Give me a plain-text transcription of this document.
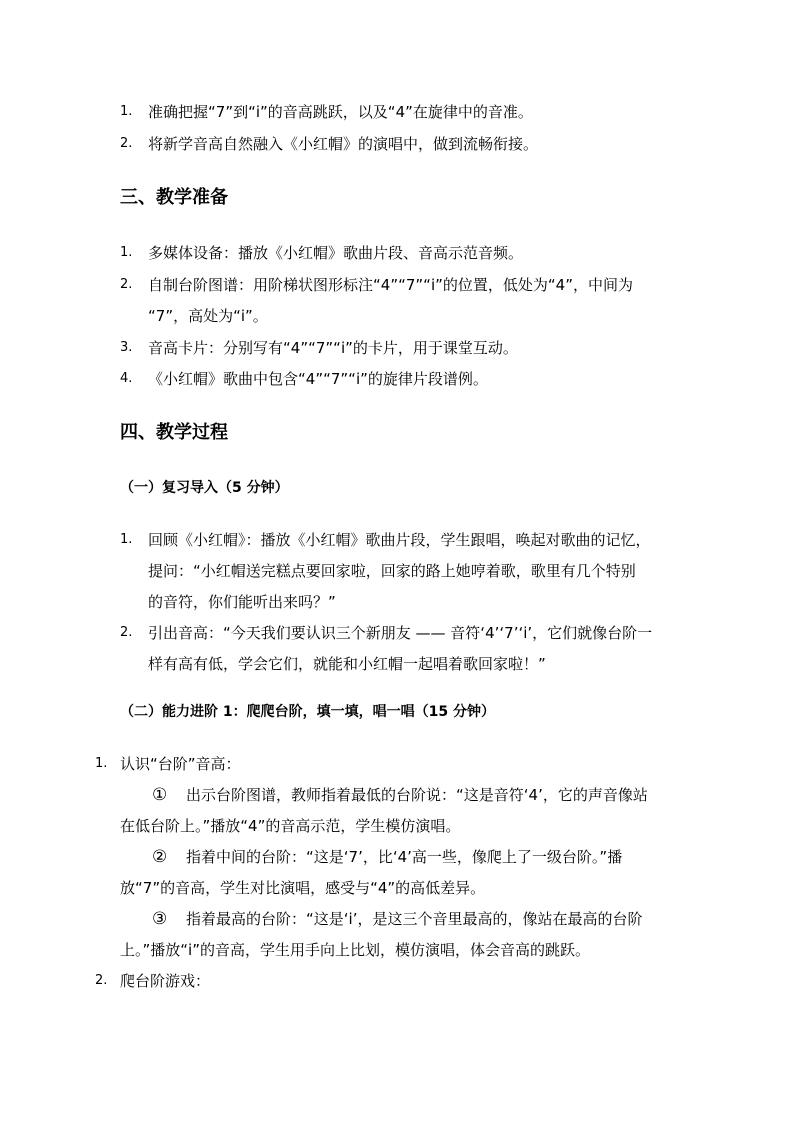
1. 准确把握“7”到“i”的音高跳跃，以及“4”在旋律中的音准。
2. 将新学音高自然融入《小红帽》的演唱中，做到流畅衔接。
三、教学准备
1. 多媒体设备：播放《小红帽》歌曲片段、音高示范音频。
2. 自制台阶图谱：用阶梯状图形标注“4”“7”“i”的位置，低处为“4”，中间为
“7”，高处为“i”。
3. 音高卡片：分别写有“4”“7”“i”的卡片，用于课堂互动。
4. 《小红帽》歌曲中包含“4”“7”“i”的旋律片段谱例。
四、教学过程
（一）复习导入（5 分钟）
1. 回顾《小红帽》：播放《小红帽》歌曲片段，学生跟唱，唤起对歌曲的记忆，
提问：“小红帽送完糕点要回家啦，回家的路上她哼着歌，歌里有几个特别
的音符，你们能听出来吗？”
2. 引出音高：“今天我们要认识三个新朋友 —— 音符‘4’‘7’‘i’，它们就像台阶一
样有高有低，学会它们，就能和小红帽一起唱着歌回家啦！”
（二）能力进阶 1：爬爬台阶，填一填，唱一唱（15 分钟）
1. 认识“台阶”音高：
① 出示台阶图谱，教师指着最低的台阶说：“这是音符‘4’，它的声音像站
在低台阶上。”播放“4”的音高示范，学生模仿演唱。
② 指着中间的台阶：“这是‘7’，比‘4’高一些，像爬上了一级台阶。”播
放“7”的音高，学生对比演唱，感受与“4”的高低差异。
③ 指着最高的台阶：“这是‘i’，是这三个音里最高的，像站在最高的台阶
上。”播放“i”的音高，学生用手向上比划，模仿演唱，体会音高的跳跃。
2. 爬台阶游戏：
